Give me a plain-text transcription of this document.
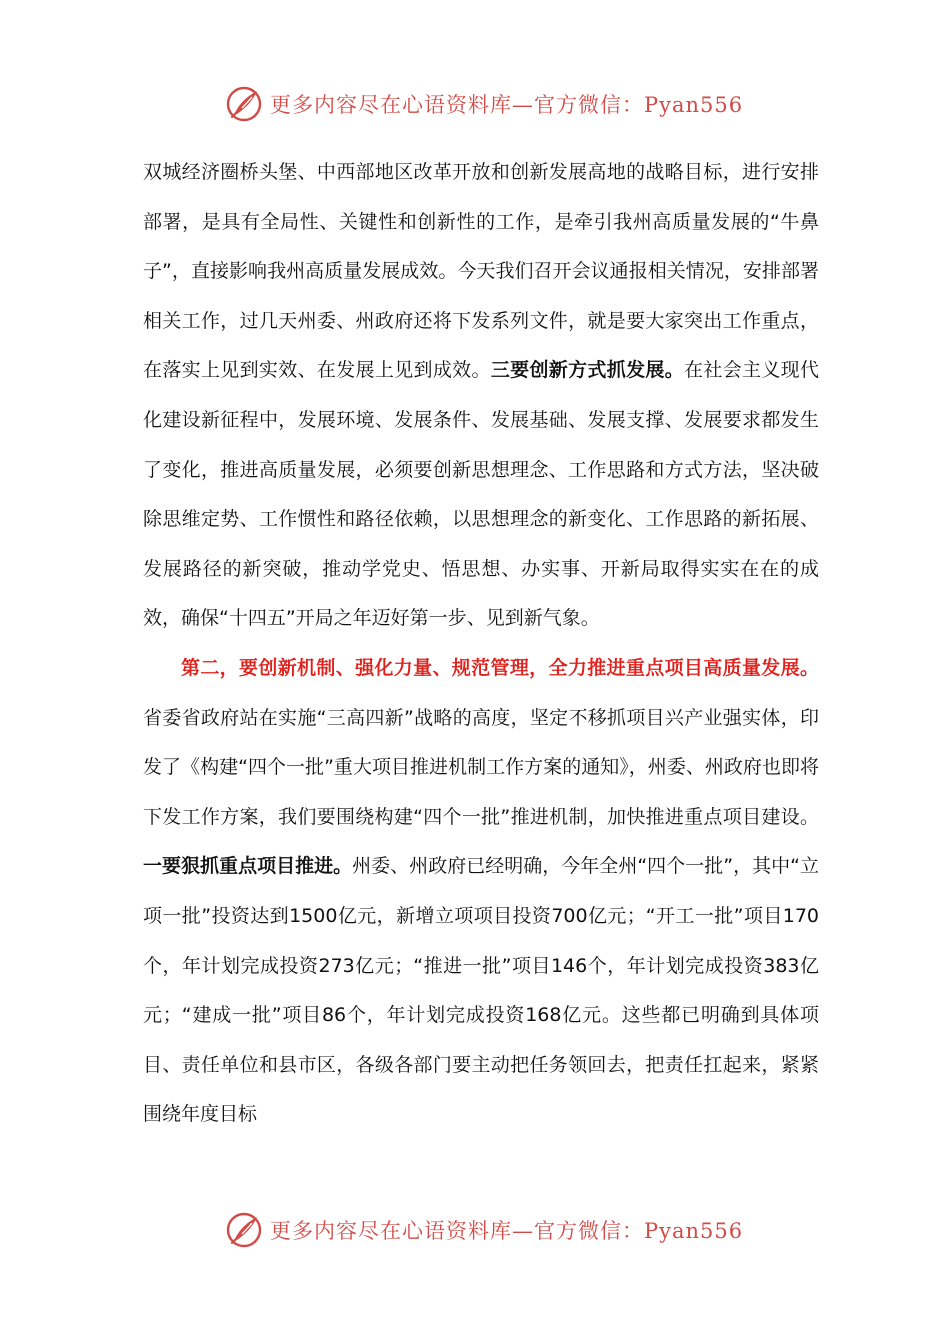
更多内容尽在心语资料库—官方微信：Pyan556

双城经济圈桥头堡、中西部地区改革开放和创新发展高地的战略目标，进行安排部署，是具有全局性、关键性和创新性的工作，是牵引我州高质量发展的“牛鼻子”，直接影响我州高质量发展成效。今天我们召开会议通报相关情况，安排部署相关工作，过几天州委、州政府还将下发系列文件，就是要大家突出工作重点，在落实上见到实效、在发展上见到成效。三要创新方式抓发展。在社会主义现代化建设新征程中，发展环境、发展条件、发展基础、发展支撑、发展要求都发生了变化，推进高质量发展，必须要创新思想理念、工作思路和方式方法，坚决破除思维定势、工作惯性和路径依赖，以思想理念的新变化、工作思路的新拓展、发展路径的新突破，推动学党史、悟思想、办实事、开新局取得实实在在的成效，确保“十四五”开局之年迈好第一步、见到新气象。

第二，要创新机制、强化力量、规范管理，全力推进重点项目高质量发展。省委省政府站在实施“三高四新”战略的高度，坚定不移抓项目兴产业强实体，印发了《构建“四个一批”重大项目推进机制工作方案的通知》，州委、州政府也即将下发工作方案，我们要围绕构建“四个一批”推进机制，加快推进重点项目建设。一要狠抓重点项目推进。州委、州政府已经明确，今年全州“四个一批”，其中“立项一批”投资达到1500亿元，新增立项项目投资700亿元；“开工一批”项目170个，年计划完成投资273亿元；“推进一批”项目146个，年计划完成投资383亿元；“建成一批”项目86个，年计划完成投资168亿元。这些都已明确到具体项目、责任单位和县市区，各级各部门要主动把任务领回去，把责任扛起来，紧紧围绕年度目标

更多内容尽在心语资料库—官方微信：Pyan556
